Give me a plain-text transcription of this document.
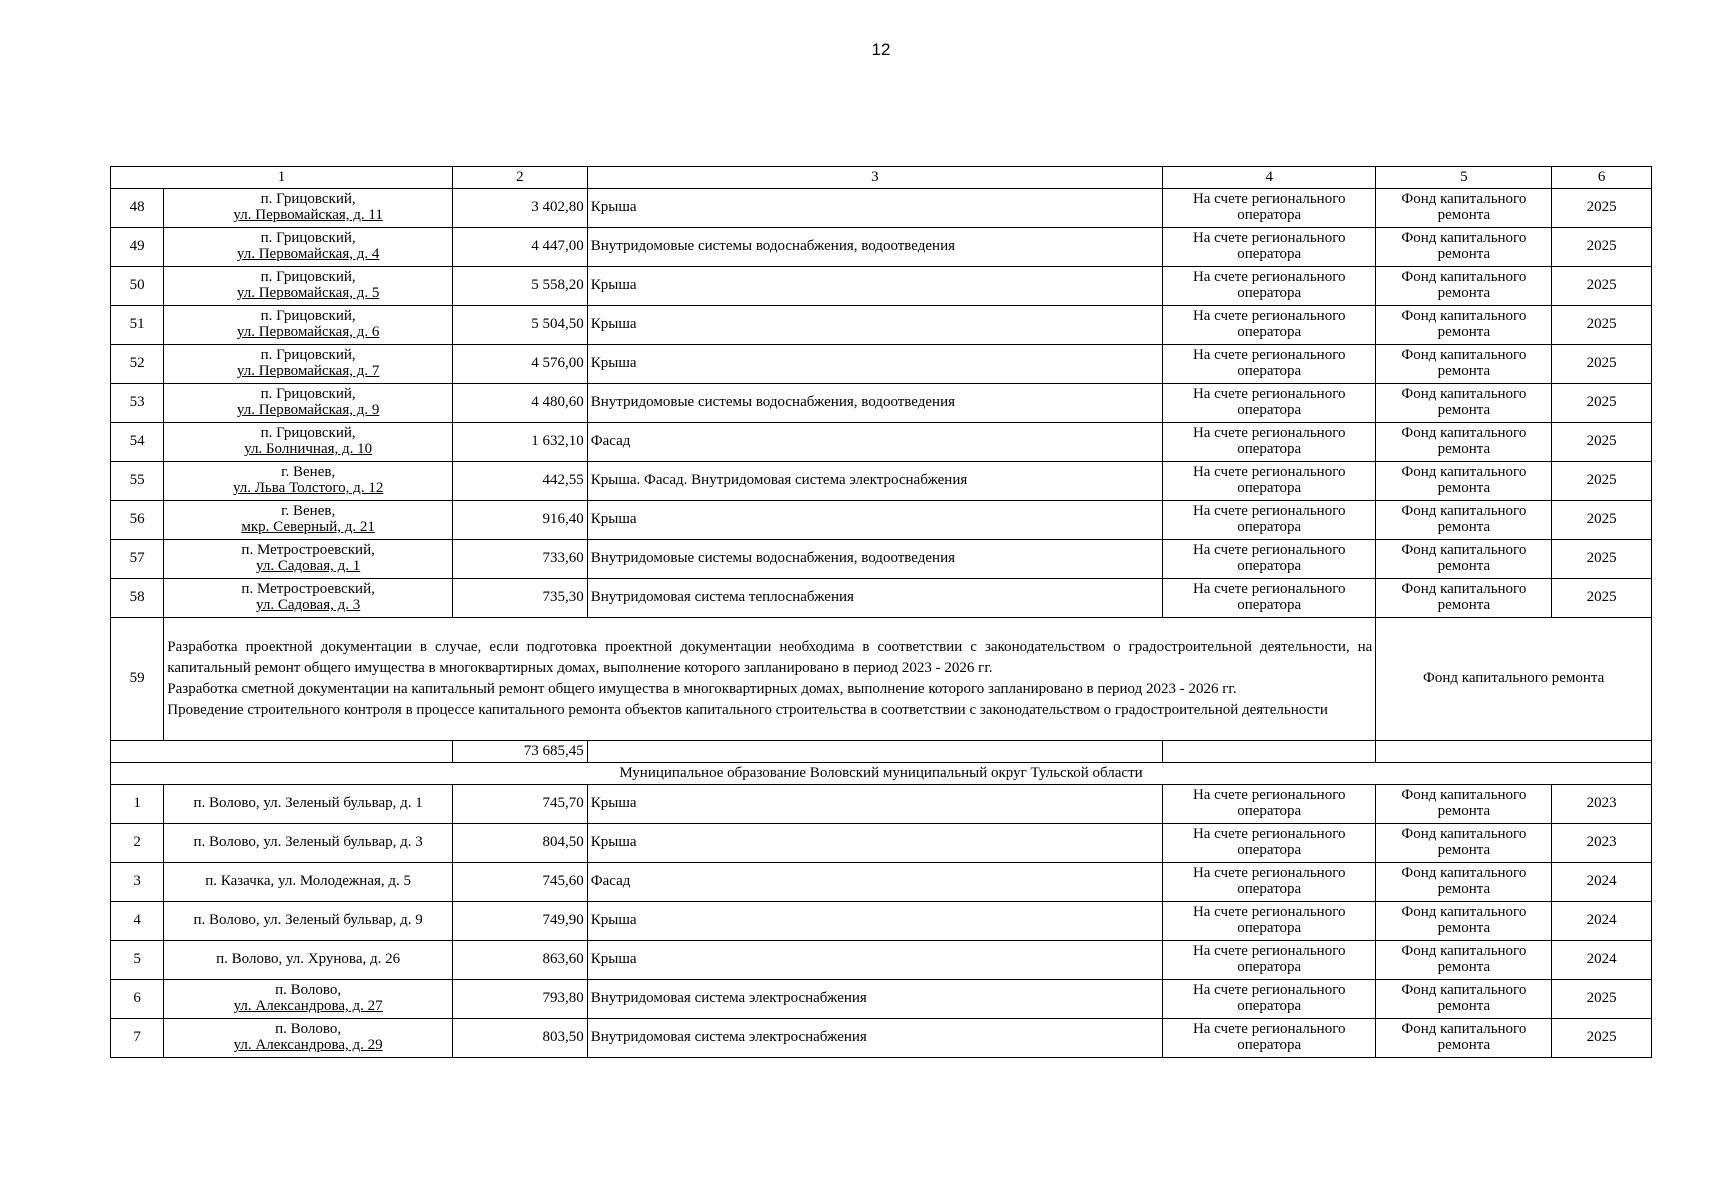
12
1		2	3	4	5	6
48	п. Грицовский,
ул. Первомайская, д. 11	3 402,80	Крыша	На счете регионального
оператора	Фонд капитального
ремонта	2025
49	п. Грицовский,
ул. Первомайская, д. 4	4 447,00	Внутридомовые системы водоснабжения, водоотведения	На счете регионального
оператора	Фонд капитального
ремонта	2025
50	п. Грицовский,
ул. Первомайская, д. 5	5 558,20	Крыша	На счете регионального
оператора	Фонд капитального
ремонта	2025
51	п. Грицовский,
ул. Первомайская, д. 6	5 504,50	Крыша	На счете регионального
оператора	Фонд капитального
ремонта	2025
52	п. Грицовский,
ул. Первомайская, д. 7	4 576,00	Крыша	На счете регионального
оператора	Фонд капитального
ремонта	2025
53	п. Грицовский,
ул. Первомайская, д. 9	4 480,60	Внутридомовые системы водоснабжения, водоотведения	На счете регионального
оператора	Фонд капитального
ремонта	2025
54	п. Грицовский,
ул. Болничная, д. 10	1 632,10	Фасад	На счете регионального
оператора	Фонд капитального
ремонта	2025
55	г. Венев,
ул. Льва Толстого, д. 12	442,55	Крыша. Фасад. Внутридомовая система электроснабжения	На счете регионального
оператора	Фонд капитального
ремонта	2025
56	г. Венев,
мкр. Северный, д. 21	916,40	Крыша	На счете регионального
оператора	Фонд капитального
ремонта	2025
57	п. Метростроевский,
ул. Садовая, д. 1	733,60	Внутридомовые системы водоснабжения, водоотведения	На счете регионального
оператора	Фонд капитального
ремонта	2025
58	п. Метростроевский,
ул. Садовая, д. 3	735,30	Внутридомовая система теплоснабжения	На счете регионального
оператора	Фонд капитального
ремонта	2025
59	Разработка проектной документации в случае, если подготовка проектной документации необходима в соответствии с законодательством о градостроительной деятельности, на капитальный ремонт общего имущества в многоквартирных домах, выполнение которого запланировано в период 2023 - 2026 гг.
Разработка сметной документации на капитальный ремонт общего имущества в многоквартирных домах, выполнение которого запланировано в период 2023 - 2026 гг.
Проведение строительного контроля в процессе капитального ремонта объектов капитального строительства в соответствии с законодательством о градостроительной деятельности				Фонд капитального ремонта	
		73 685,45				
Муниципальное образование Воловский муниципальный округ Тульской области						
1	п. Волово, ул. Зеленый бульвар, д. 1	745,70	Крыша	На счете регионального
оператора	Фонд капитального
ремонта	2023
2	п. Волово, ул. Зеленый бульвар, д. 3	804,50	Крыша	На счете регионального
оператора	Фонд капитального
ремонта	2023
3	п. Казачка, ул. Молодежная, д. 5	745,60	Фасад	На счете регионального
оператора	Фонд капитального
ремонта	2024
4	п. Волово, ул. Зеленый бульвар, д. 9	749,90	Крыша	На счете регионального
оператора	Фонд капитального
ремонта	2024
5	п. Волово, ул. Хрунова, д. 26	863,60	Крыша	На счете регионального
оператора	Фонд капитального
ремонта	2024
6	п. Волово,
ул. Александрова, д. 27	793,80	Внутридомовая система электроснабжения	На счете регионального
оператора	Фонд капитального
ремонта	2025
7	п. Волово,
ул. Александрова, д. 29	803,50	Внутридомовая система электроснабжения	На счете регионального
оператора	Фонд капитального
ремонта	2025
